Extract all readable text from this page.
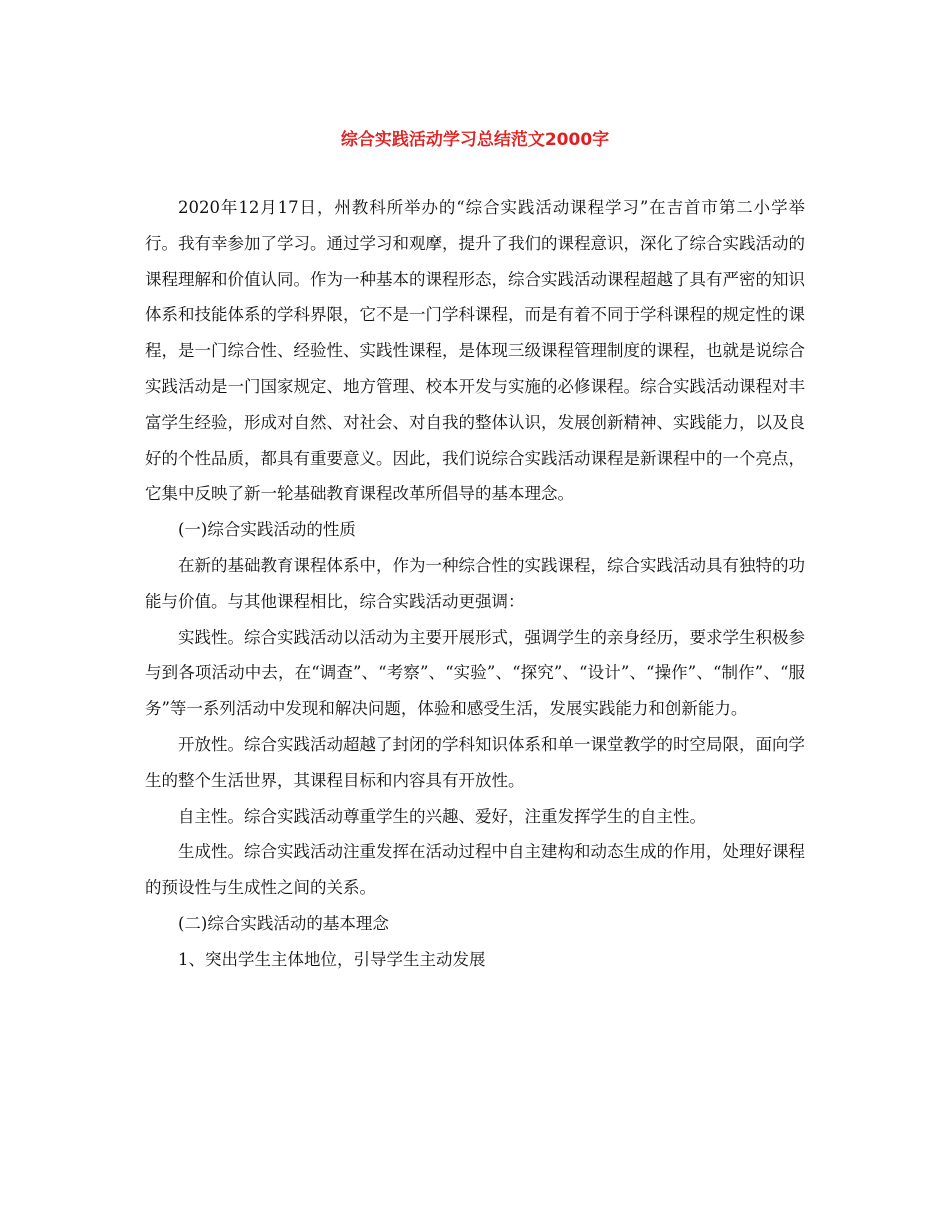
综合实践活动学习总结范文2000字

2020年12月17日，州教科所举办的“综合实践活动课程学习”在吉首市第二小学举行。我有幸参加了学习。通过学习和观摩，提升了我们的课程意识，深化了综合实践活动的课程理解和价值认同。作为一种基本的课程形态，综合实践活动课程超越了具有严密的知识体系和技能体系的学科界限，它不是一门学科课程，而是有着不同于学科课程的规定性的课程，是一门综合性、经验性、实践性课程，是体现三级课程管理制度的课程，也就是说综合实践活动是一门国家规定、地方管理、校本开发与实施的必修课程。综合实践活动课程对丰富学生经验，形成对自然、对社会、对自我的整体认识，发展创新精神、实践能力，以及良好的个性品质，都具有重要意义。因此，我们说综合实践活动课程是新课程中的一个亮点，它集中反映了新一轮基础教育课程改革所倡导的基本理念。

(一)综合实践活动的性质

在新的基础教育课程体系中，作为一种综合性的实践课程，综合实践活动具有独特的功能与价值。与其他课程相比，综合实践活动更强调：

实践性。综合实践活动以活动为主要开展形式，强调学生的亲身经历，要求学生积极参与到各项活动中去，在“调查”、“考察”、“实验”、“探究”、“设计”、“操作”、“制作”、“服务”等一系列活动中发现和解决问题，体验和感受生活，发展实践能力和创新能力。

开放性。综合实践活动超越了封闭的学科知识体系和单一课堂教学的时空局限，面向学生的整个生活世界，其课程目标和内容具有开放性。

自主性。综合实践活动尊重学生的兴趣、爱好，注重发挥学生的自主性。

生成性。综合实践活动注重发挥在活动过程中自主建构和动态生成的作用，处理好课程的预设性与生成性之间的关系。

(二)综合实践活动的基本理念

1、突出学生主体地位，引导学生主动发展
